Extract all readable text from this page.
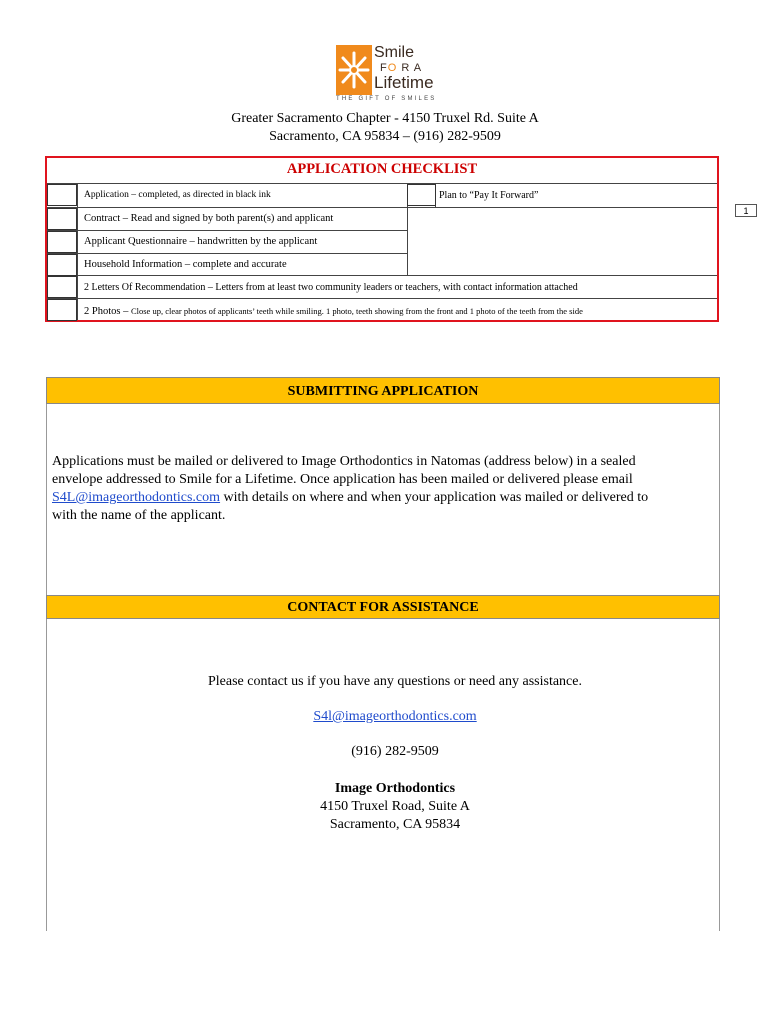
Smile
FO R A
Lifetime
THE GIFT OF SMILES
Greater Sacramento Chapter - 4150 Truxel Rd. Suite A
Sacramento, CA 95834 – (916) 282-9509
1
APPLICATION CHECKLIST
Application – completed, as directed in black ink	Plan to “Pay It Forward”
Contract – Read and signed by both parent(s) and applicant
Applicant Questionnaire – handwritten by the applicant
Household Information – complete and accurate
2 Letters Of Recommendation – Letters from at least two community leaders or teachers, with contact information attached
2 Photos – Close up, clear photos of applicants’ teeth while smiling. 1 photo, teeth showing from the front and 1 photo of the teeth from the side
SUBMITTING APPLICATION
Applications must be mailed or delivered to Image Orthodontics in Natomas (address below) in a sealed
envelope addressed to Smile for a Lifetime. Once application has been mailed or delivered please email
S4L@imageorthodontics.com with details on where and when your application was mailed or delivered to
with the name of the applicant.
CONTACT FOR ASSISTANCE
Please contact us if you have any questions or need any assistance.
S4l@imageorthodontics.com
(916) 282-9509
Image Orthodontics
4150 Truxel Road, Suite A
Sacramento, CA 95834
